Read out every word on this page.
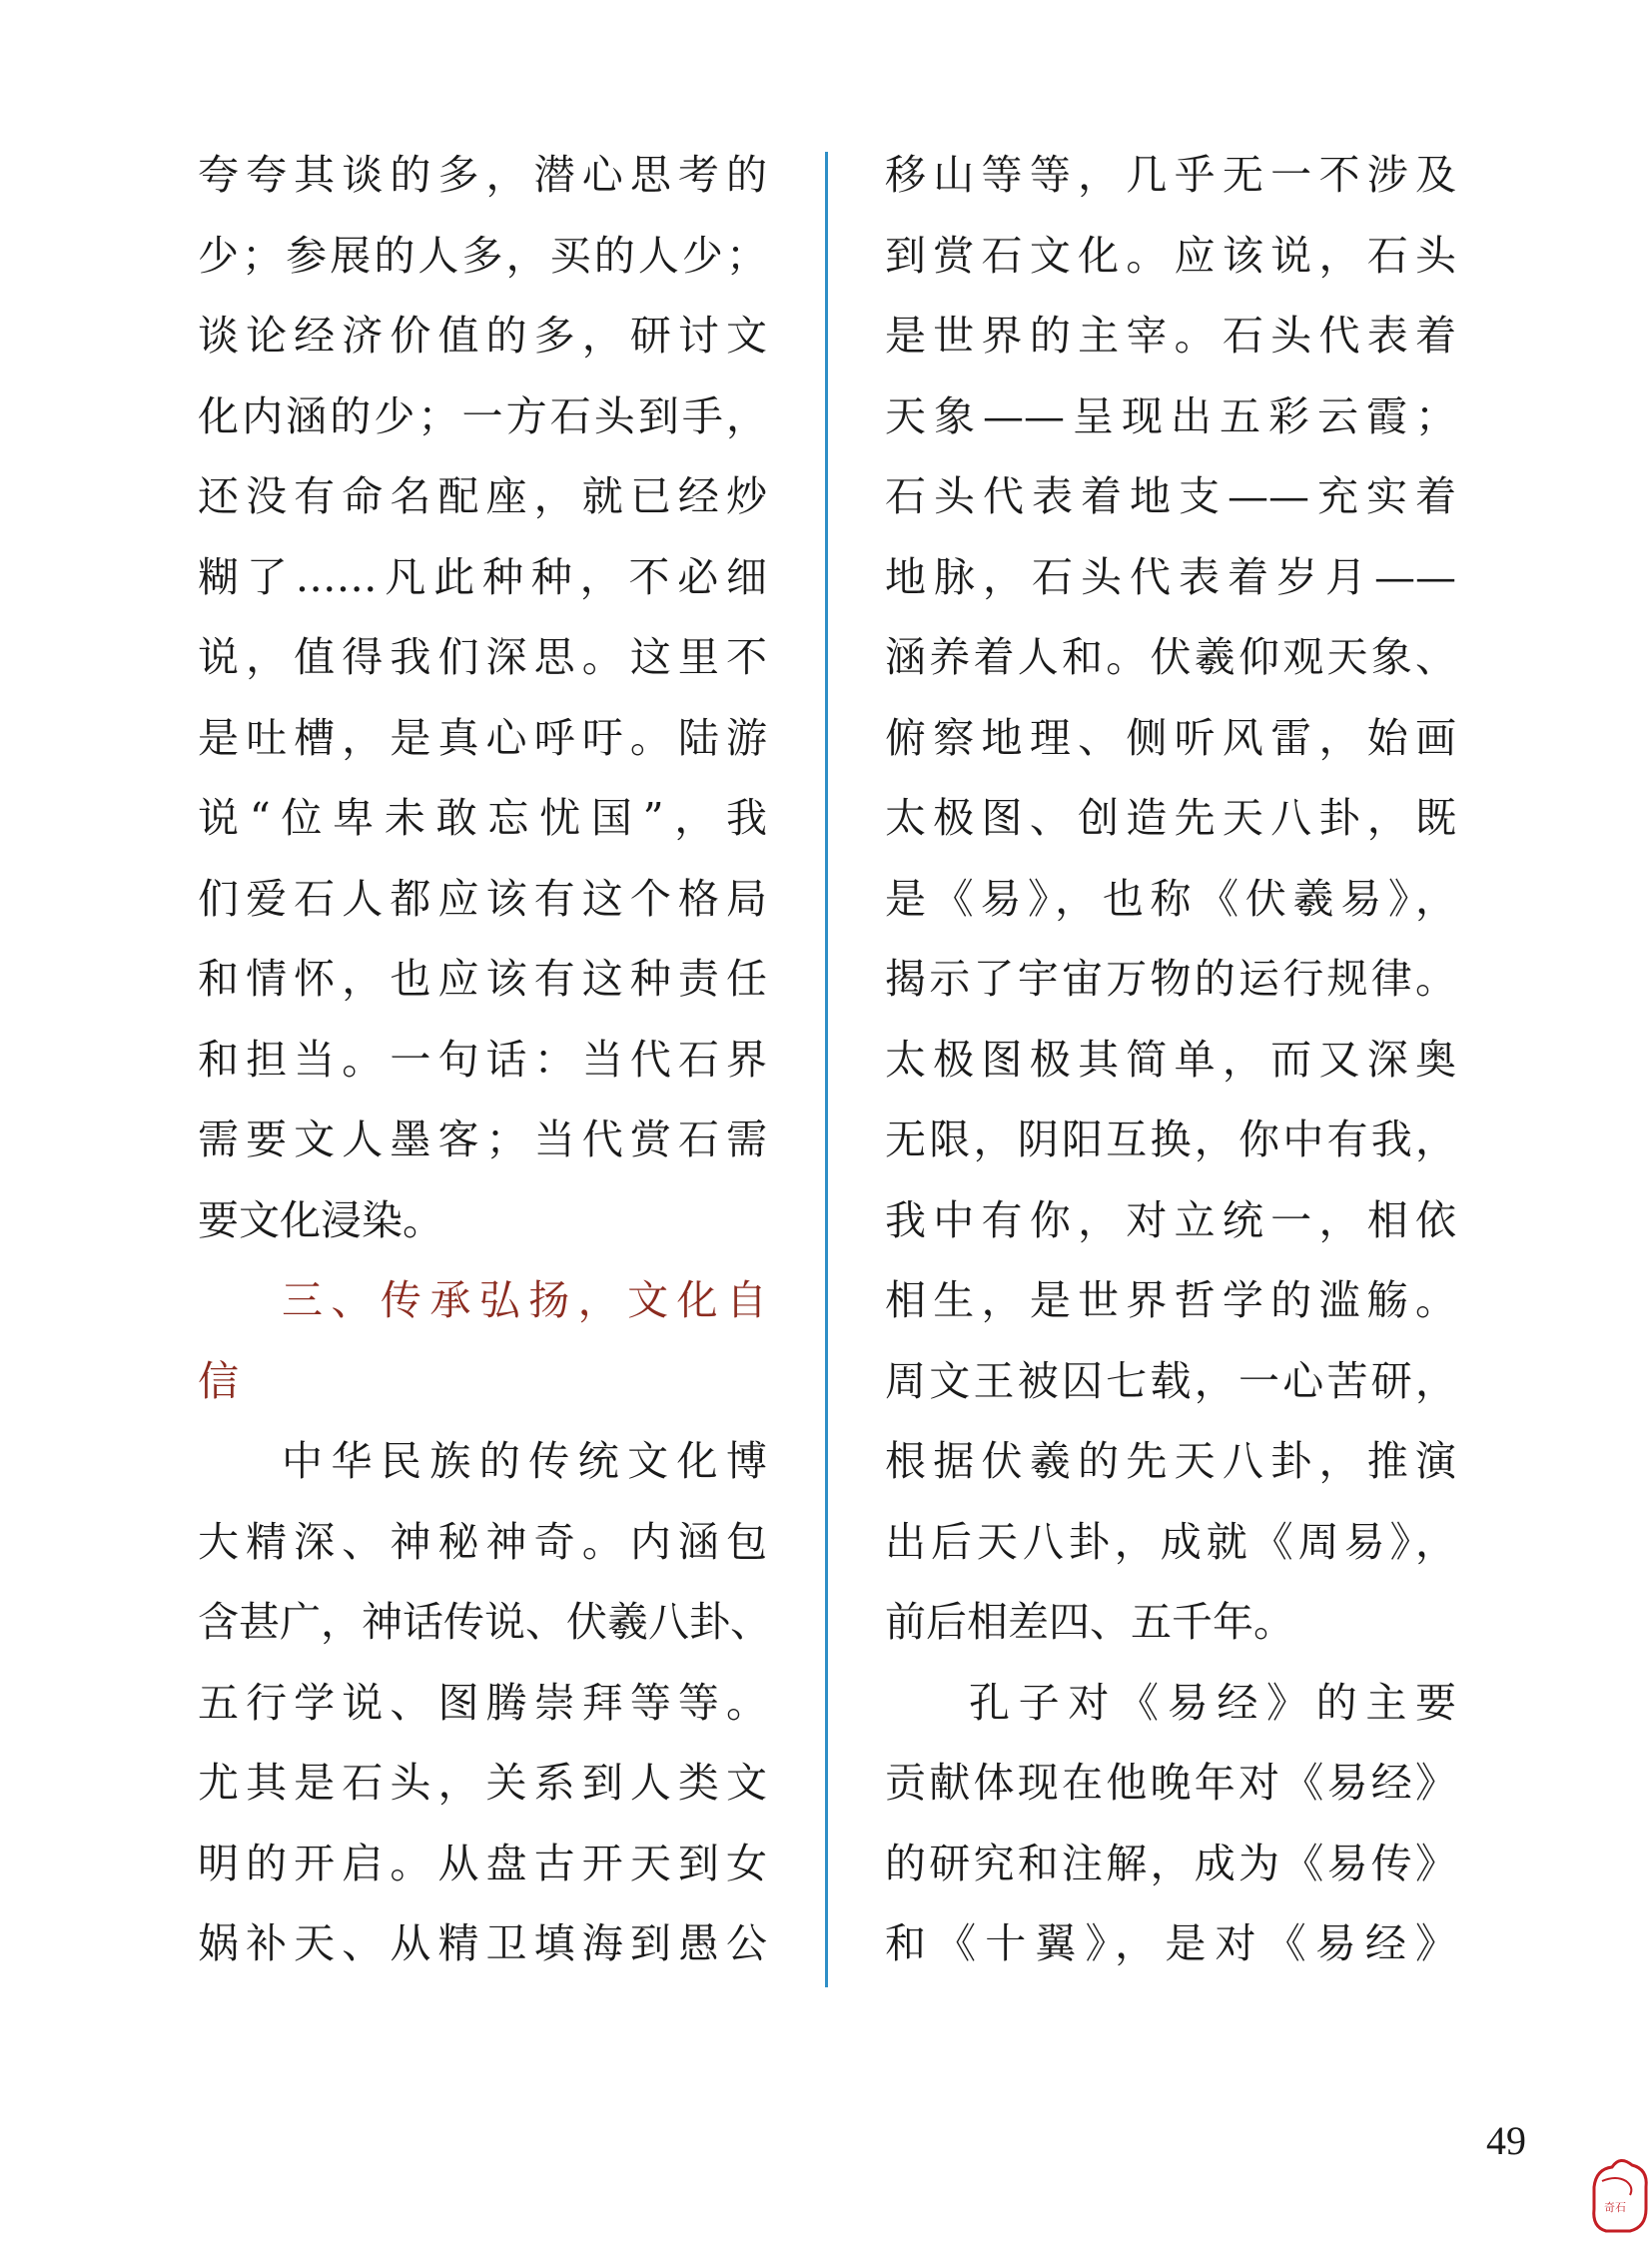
夸夸其谈的多，潜心思考的
少；参展的人多，买的人少；
谈论经济价值的多，研讨文
化内涵的少；一方石头到手，
还没有命名配座，就已经炒
糊了……凡此种种，不必细
说，值得我们深思。这里不
是吐槽，是真心呼吁。陆游
说“位卑未敢忘忧国”，我
们爱石人都应该有这个格局
和情怀，也应该有这种责任
和担当。一句话：当代石界
需要文人墨客；当代赏石需
要文化浸染。
三、传承弘扬，文化自
信
中华民族的传统文化博
大精深、神秘神奇。内涵包
含甚广，神话传说、伏羲八卦、
五行学说、图腾崇拜等等。
尤其是石头，关系到人类文
明的开启。从盘古开天到女
娲补天、从精卫填海到愚公
移山等等，几乎无一不涉及
到赏石文化。应该说，石头
是世界的主宰。石头代表着
天象——呈现出五彩云霞；
石头代表着地支——充实着
地脉，石头代表着岁月——
涵养着人和。伏羲仰观天象、
俯察地理、侧听风雷，始画
太极图、创造先天八卦，既
是《易》，也称《伏羲易》，
揭示了宇宙万物的运行规律。
太极图极其简单，而又深奥
无限，阴阳互换，你中有我，
我中有你，对立统一，相依
相生，是世界哲学的滥觞。
周文王被囚七载，一心苦研，
根据伏羲的先天八卦，推演
出后天八卦，成就《周易》，
前后相差四、五千年。
孔子对《易经》的主要
贡献体现在他晚年对《易经》
的研究和注解，成为《易传》
和《十翼》，是对《易经》
49
奇石
